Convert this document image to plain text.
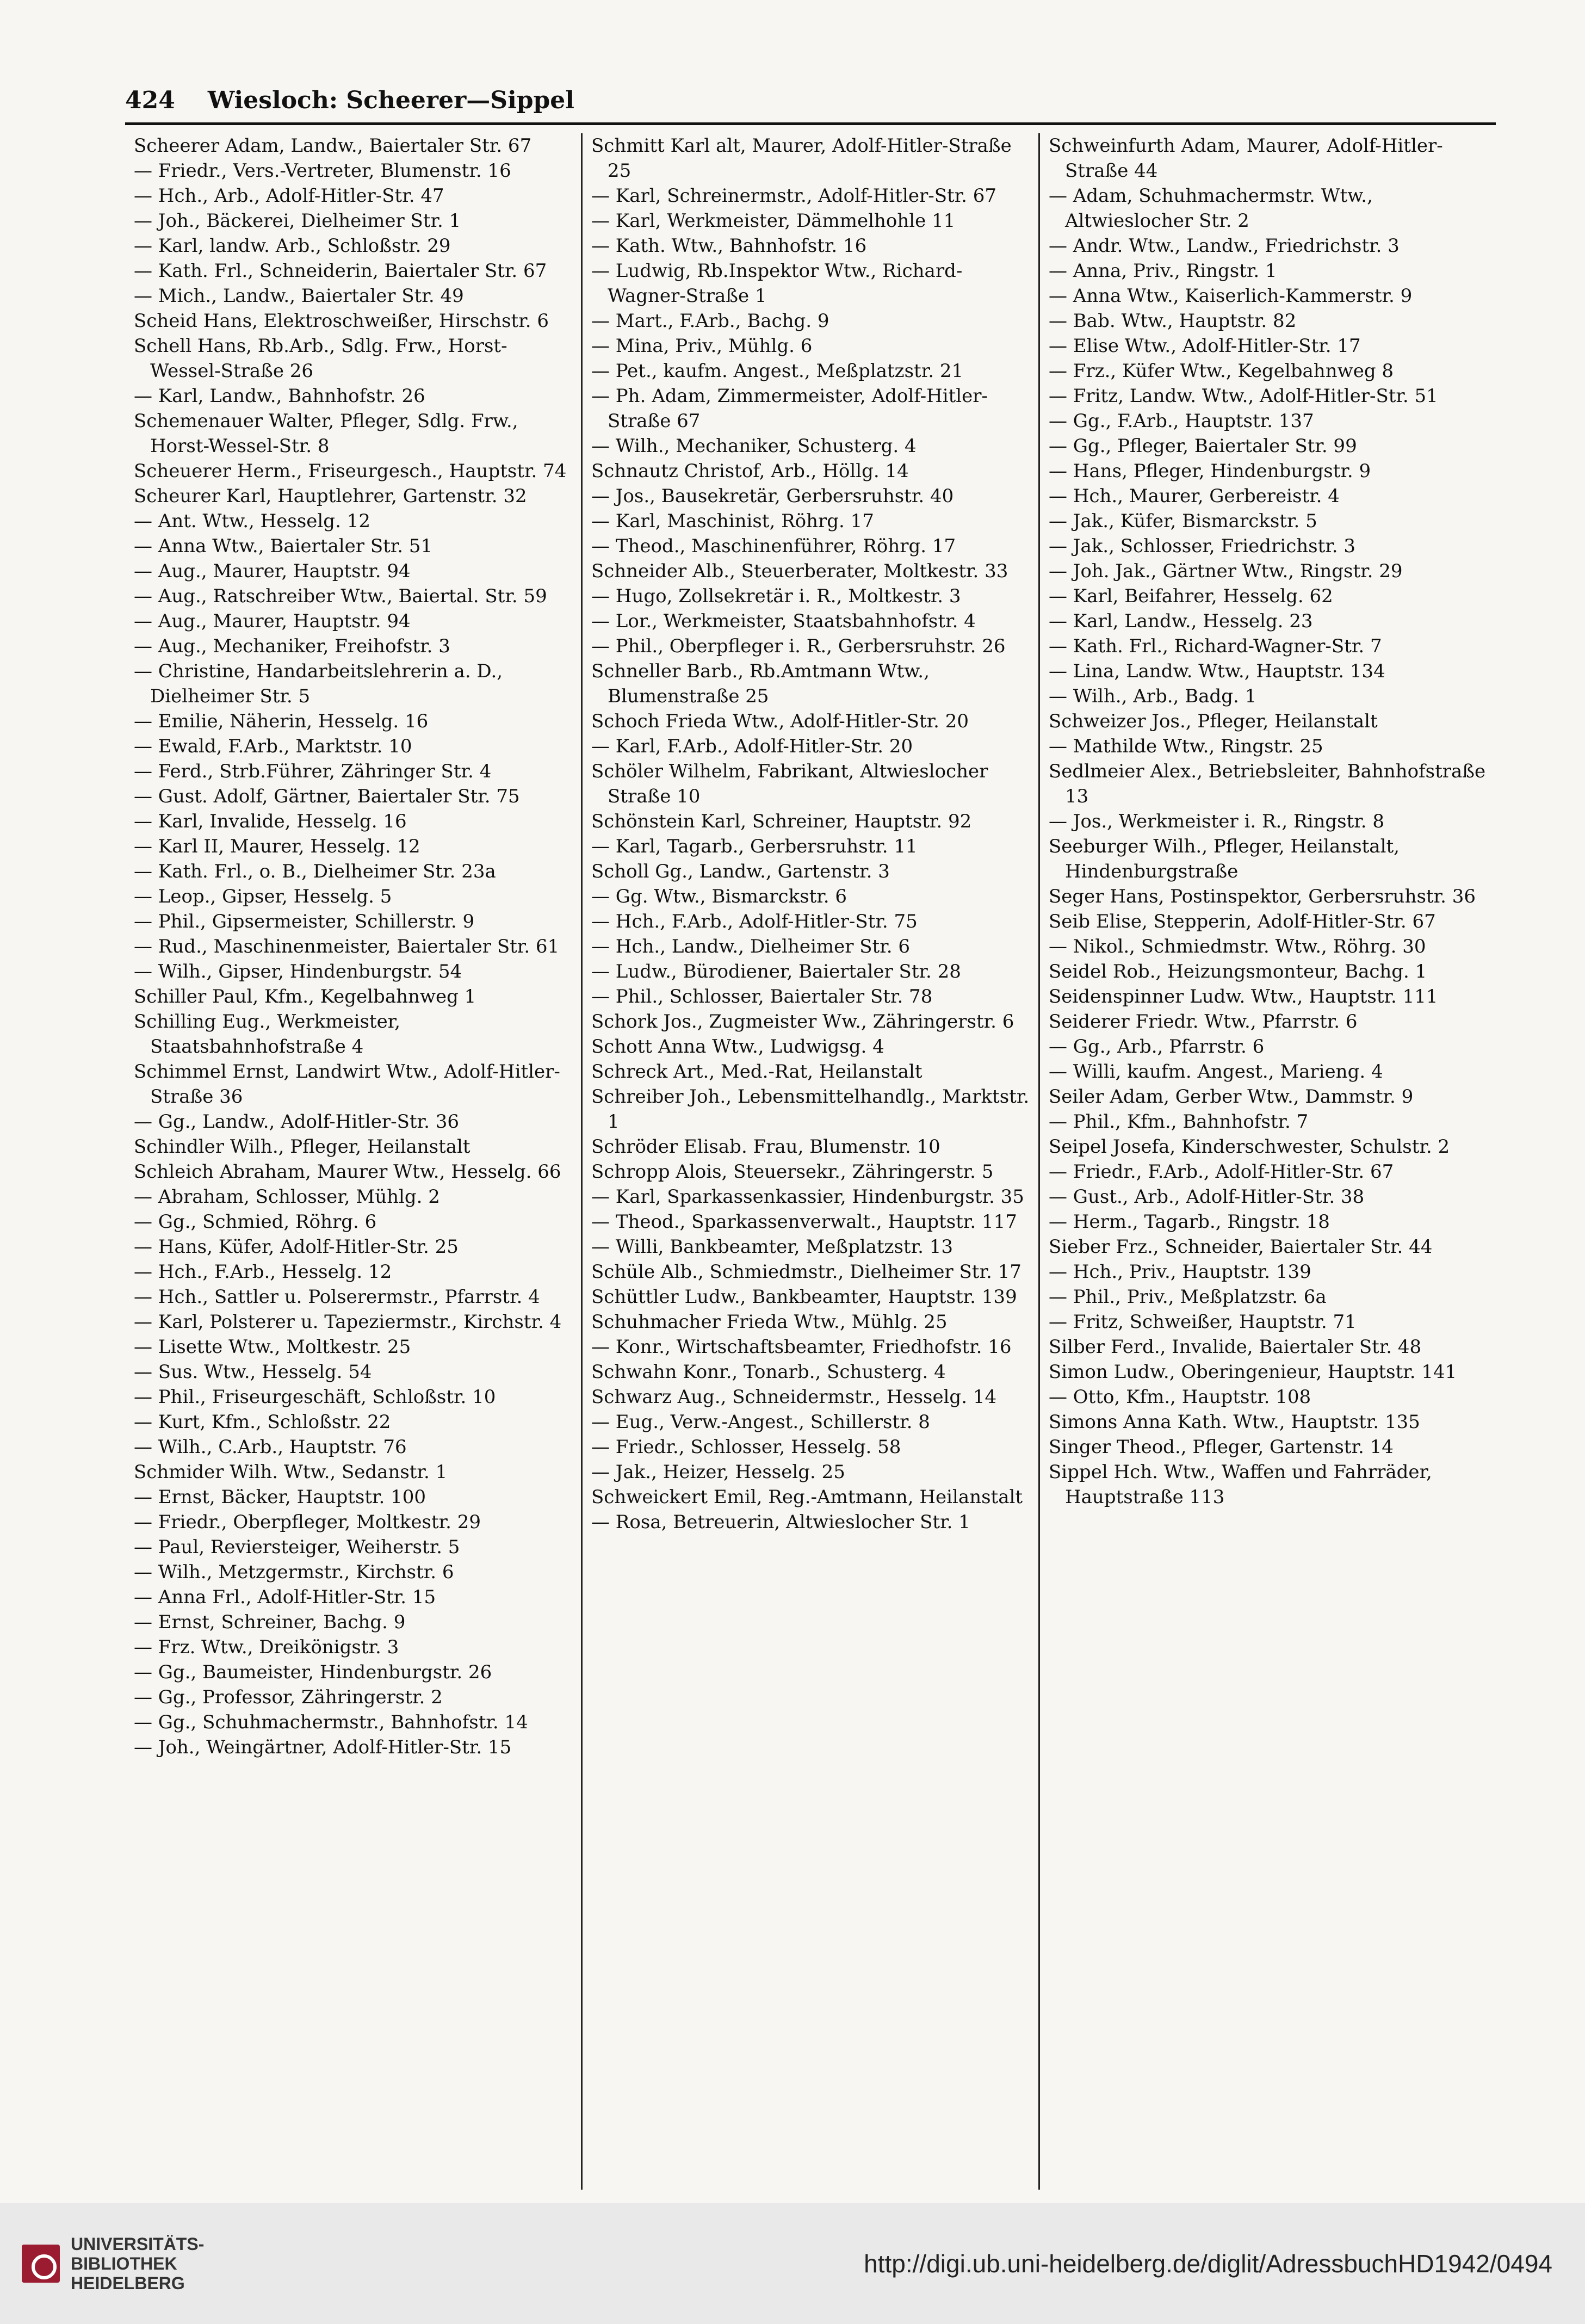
424 Wiesloch: Scheerer—Sippel

Scheerer Adam, Landw., Baiertaler Str. 67

— Friedr., Vers.-Vertreter, Blumenstr. 16

— Hch., Arb., Adolf-Hitler-Str. 47

— Joh., Bäckerei, Dielheimer Str. 1

— Karl, landw. Arb., Schloßstr. 29

— Kath. Frl., Schneiderin, Baiertaler Str. 67

— Mich., Landw., Baiertaler Str. 49

Scheid Hans, Elektroschweißer, Hirschstr. 6

Schell Hans, Rb.Arb., Sdlg. Frw., Horst-Wessel-Straße 26

— Karl, Landw., Bahnhofstr. 26

Schemenauer Walter, Pfleger, Sdlg. Frw., Horst-Wessel-Str. 8

Scheuerer Herm., Friseurgesch., Hauptstr. 74

Scheurer Karl, Hauptlehrer, Gartenstr. 32

— Ant. Wtw., Hesselg. 12

— Anna Wtw., Baiertaler Str. 51

— Aug., Maurer, Hauptstr. 94

— Aug., Ratschreiber Wtw., Baiertal. Str. 59

— Aug., Maurer, Hauptstr. 94

— Aug., Mechaniker, Freihofstr. 3

— Christine, Handarbeitslehrerin a. D., Dielheimer Str. 5

— Emilie, Näherin, Hesselg. 16

— Ewald, F.Arb., Marktstr. 10

— Ferd., Strb.Führer, Zähringer Str. 4

— Gust. Adolf, Gärtner, Baiertaler Str. 75

— Karl, Invalide, Hesselg. 16

— Karl II, Maurer, Hesselg. 12

— Kath. Frl., o. B., Dielheimer Str. 23a

— Leop., Gipser, Hesselg. 5

— Phil., Gipsermeister, Schillerstr. 9

— Rud., Maschinenmeister, Baiertaler Str. 61

— Wilh., Gipser, Hindenburgstr. 54

Schiller Paul, Kfm., Kegelbahnweg 1

Schilling Eug., Werkmeister, Staatsbahnhofstraße 4

Schimmel Ernst, Landwirt Wtw., Adolf-Hitler-Straße 36

— Gg., Landw., Adolf-Hitler-Str. 36

Schindler Wilh., Pfleger, Heilanstalt

Schleich Abraham, Maurer Wtw., Hesselg. 66

— Abraham, Schlosser, Mühlg. 2

— Gg., Schmied, Röhrg. 6

— Hans, Küfer, Adolf-Hitler-Str. 25

— Hch., F.Arb., Hesselg. 12

— Hch., Sattler u. Polserermstr., Pfarrstr. 4

— Karl, Polsterer u. Tapeziermstr., Kirchstr. 4

— Lisette Wtw., Moltkestr. 25

— Sus. Wtw., Hesselg. 54

— Phil., Friseurgeschäft, Schloßstr. 10

— Kurt, Kfm., Schloßstr. 22

— Wilh., C.Arb., Hauptstr. 76

Schmider Wilh. Wtw., Sedanstr. 1

— Ernst, Bäcker, Hauptstr. 100

— Friedr., Oberpfleger, Moltkestr. 29

— Paul, Reviersteiger, Weiherstr. 5

— Wilh., Metzgermstr., Kirchstr. 6

— Anna Frl., Adolf-Hitler-Str. 15

— Ernst, Schreiner, Bachg. 9

— Frz. Wtw., Dreikönigstr. 3

— Gg., Baumeister, Hindenburgstr. 26

— Gg., Professor, Zähringerstr. 2

— Gg., Schuhmachermstr., Bahnhofstr. 14

— Joh., Weingärtner, Adolf-Hitler-Str. 15

Schmitt Karl alt, Maurer, Adolf-Hitler-Straße 25

— Karl, Schreinermstr., Adolf-Hitler-Str. 67

— Karl, Werkmeister, Dämmelhohle 11

— Kath. Wtw., Bahnhofstr. 16

— Ludwig, Rb.Inspektor Wtw., Richard-Wagner-Straße 1

— Mart., F.Arb., Bachg. 9

— Mina, Priv., Mühlg. 6

— Pet., kaufm. Angest., Meßplatzstr. 21

— Ph. Adam, Zimmermeister, Adolf-Hitler-Straße 67

— Wilh., Mechaniker, Schusterg. 4

Schnautz Christof, Arb., Höllg. 14

— Jos., Bausekretär, Gerbersruhstr. 40

— Karl, Maschinist, Röhrg. 17

— Theod., Maschinenführer, Röhrg. 17

Schneider Alb., Steuerberater, Moltkestr. 33

— Hugo, Zollsekretär i. R., Moltkestr. 3

— Lor., Werkmeister, Staatsbahnhofstr. 4

— Phil., Oberpfleger i. R., Gerbersruhstr. 26

Schneller Barb., Rb.Amtmann Wtw., Blumenstraße 25

Schoch Frieda Wtw., Adolf-Hitler-Str. 20

— Karl, F.Arb., Adolf-Hitler-Str. 20

Schöler Wilhelm, Fabrikant, Altwieslocher Straße 10

Schönstein Karl, Schreiner, Hauptstr. 92

— Karl, Tagarb., Gerbersruhstr. 11

Scholl Gg., Landw., Gartenstr. 3

— Gg. Wtw., Bismarckstr. 6

— Hch., F.Arb., Adolf-Hitler-Str. 75

— Hch., Landw., Dielheimer Str. 6

— Ludw., Bürodiener, Baiertaler Str. 28

— Phil., Schlosser, Baiertaler Str. 78

Schork Jos., Zugmeister Ww., Zähringerstr. 6

Schott Anna Wtw., Ludwigsg. 4

Schreck Art., Med.-Rat, Heilanstalt

Schreiber Joh., Lebensmittelhandlg., Marktstr. 1

Schröder Elisab. Frau, Blumenstr. 10

Schropp Alois, Steuersekr., Zähringerstr. 5

— Karl, Sparkassenkassier, Hindenburgstr. 35

— Theod., Sparkassenverwalt., Hauptstr. 117

— Willi, Bankbeamter, Meßplatzstr. 13

Schüle Alb., Schmiedmstr., Dielheimer Str. 17

Schüttler Ludw., Bankbeamter, Hauptstr. 139

Schuhmacher Frieda Wtw., Mühlg. 25

— Konr., Wirtschaftsbeamter, Friedhofstr. 16

Schwahn Konr., Tonarb., Schusterg. 4

Schwarz Aug., Schneidermstr., Hesselg. 14

— Eug., Verw.-Angest., Schillerstr. 8

— Friedr., Schlosser, Hesselg. 58

— Jak., Heizer, Hesselg. 25

Schweickert Emil, Reg.-Amtmann, Heilanstalt

— Rosa, Betreuerin, Altwieslocher Str. 1

Schweinfurth Adam, Maurer, Adolf-Hitler-Straße 44

— Adam, Schuhmachermstr. Wtw., Altwieslocher Str. 2

— Andr. Wtw., Landw., Friedrichstr. 3

— Anna, Priv., Ringstr. 1

— Anna Wtw., Kaiserlich-Kammerstr. 9

— Bab. Wtw., Hauptstr. 82

— Elise Wtw., Adolf-Hitler-Str. 17

— Frz., Küfer Wtw., Kegelbahnweg 8

— Fritz, Landw. Wtw., Adolf-Hitler-Str. 51

— Gg., F.Arb., Hauptstr. 137

— Gg., Pfleger, Baiertaler Str. 99

— Hans, Pfleger, Hindenburgstr. 9

— Hch., Maurer, Gerbereistr. 4

— Jak., Küfer, Bismarckstr. 5

— Jak., Schlosser, Friedrichstr. 3

— Joh. Jak., Gärtner Wtw., Ringstr. 29

— Karl, Beifahrer, Hesselg. 62

— Karl, Landw., Hesselg. 23

— Kath. Frl., Richard-Wagner-Str. 7

— Lina, Landw. Wtw., Hauptstr. 134

— Wilh., Arb., Badg. 1

Schweizer Jos., Pfleger, Heilanstalt

— Mathilde Wtw., Ringstr. 25

Sedlmeier Alex., Betriebsleiter, Bahnhofstraße 13

— Jos., Werkmeister i. R., Ringstr. 8

Seeburger Wilh., Pfleger, Heilanstalt, Hindenburgstraße

Seger Hans, Postinspektor, Gerbersruhstr. 36

Seib Elise, Stepperin, Adolf-Hitler-Str. 67

— Nikol., Schmiedmstr. Wtw., Röhrg. 30

Seidel Rob., Heizungsmonteur, Bachg. 1

Seidenspinner Ludw. Wtw., Hauptstr. 111

Seiderer Friedr. Wtw., Pfarrstr. 6

— Gg., Arb., Pfarrstr. 6

— Willi, kaufm. Angest., Marieng. 4

Seiler Adam, Gerber Wtw., Dammstr. 9

— Phil., Kfm., Bahnhofstr. 7

Seipel Josefa, Kinderschwester, Schulstr. 2

— Friedr., F.Arb., Adolf-Hitler-Str. 67

— Gust., Arb., Adolf-Hitler-Str. 38

— Herm., Tagarb., Ringstr. 18

Sieber Frz., Schneider, Baiertaler Str. 44

— Hch., Priv., Hauptstr. 139

— Phil., Priv., Meßplatzstr. 6a

— Fritz, Schweißer, Hauptstr. 71

Silber Ferd., Invalide, Baiertaler Str. 48

Simon Ludw., Oberingenieur, Hauptstr. 141

— Otto, Kfm., Hauptstr. 108

Simons Anna Kath. Wtw., Hauptstr. 135

Singer Theod., Pfleger, Gartenstr. 14

Sippel Hch. Wtw., Waffen und Fahrräder, Hauptstraße 113

UNIVERSITÄTS-
BIBLIOTHEK
HEIDELBERG
http://digi.ub.uni-heidelberg.de/diglit/AdressbuchHD1942/0494
